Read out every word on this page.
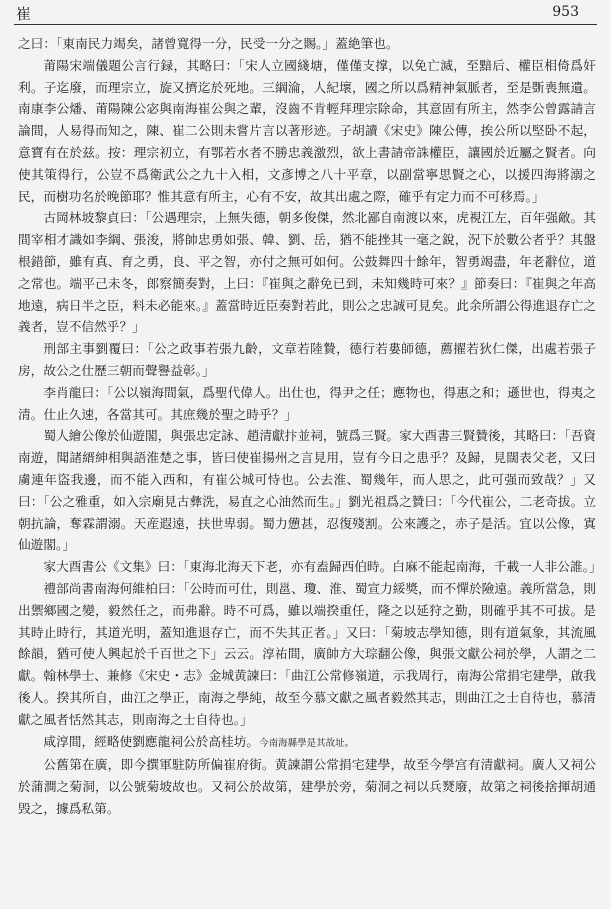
崔	953

之曰：「東南民力竭矣，諸曾寬得一分，民受一分之賜。」蓋絶筆也。

莆陽宋端儀題公言行録，其略曰：「宋人立國綫塘，僅僅支撑，以免亡滅，至黯后、權臣相倚爲奸利。子迄廢，而理宗立，旋又擠迄於死地。三綱淪，人紀壞，國之所以爲精神氣脈者，至是斲喪無遺。南康李公燔、莆陽陳公宓與南海崔公與之輩，沒齒不肯輕拜理宗除命，其意固有所主，然李公曾露請言論間，人易得而知之，陳、崔二公則未嘗片言以著形迹。子胡讀《宋史》陳公傳，挨公所以堅卧不起，意寶有在於兹。按：理宗初立，有鄂若水者不勝忠義激烈，欲上書請帝誅權臣，讓國於近屬之賢者。向使其策得行，公豈不爲衛武公之九十入相，文彥博之八十平章，以副當寧思賢之心，以援四海將溺之民，而樹功名於晚節耶？惟其意有所主，心有不安，故其出處之際，確乎有定力而不可移焉。」

古岡林坡黎貞曰：「公遇理宗，上無失德，朝多俊傑，然北鄙自南渡以來，虎視江左，百年强敵。其間宰相才識如李綱、張浚，將帥忠勇如張、韓、劉、岳，猶不能挫其一毫之銳，況下於數公者乎？其盤根錯節，雖有真、育之勇，良、平之智，亦付之無可如何。公鼓舞四十餘年，智勇竭盡，年老辭位，道之常也。端平己未冬，郎察簡奏對，上曰：『崔與之辭免已到，未知幾時可來？』節奏曰：『崔與之年高地遠，病日半之臣，料未必能來。』蓋當時近臣奏對若此，則公之忠誠可見矣。此余所謂公得進退存亡之義者，豈不信然乎？」

刑部主事劉覆曰：「公之政事若張九齡，文章若陸贄，德行若婁師德，薦擢若狄仁傑，出處若張子房，故公之仕歷三朝而聲譽益彰。」

李肖龍曰：「公以嶺海間氣，爲聖代偉人。出仕也，得尹之任；應物也，得惠之和；遜世也，得夷之清。仕止久速，各當其可。其庶幾於聖之時乎？」

蜀人繪公像於仙遊閣，與張忠定詠、趙清獻抃並祠，號爲三賢。家大酉書三賢贊後，其略曰：「吾資南遊，聞諸縉紳相與語淮楚之事，皆曰使崔揚州之言見用，豈有今日之患乎？及歸，見闊表父老，又曰虜連年盜我邊，而不能入西和，有崔公城可恃也。公去淮、蜀幾年，而人思之，此可强而致哉？」又曰：「公之雅重，如入宗廟見古彝洗，易直之心油然而生。」劉光祖爲之贊曰：「今代崔公，二老奇拔。立朝抗論，奪霖謂溺。天産遐遠，扶世卑弱。蜀力憊甚，忍復殘割。公來護之，赤子是活。宜以公像，寘仙遊閣。」

家大酉書公《文集》曰：「東海北海天下老，亦有盍歸西伯時。白麻不能起南海，千載一人非公誰。」

禮部尚書南海何維柏曰：「公時而可仕，則邕、瓊、淮、蜀宣力綏獎，而不憚於險遠。義所當急，則出禦鄉國之變，毅然任之，而弗辭。時不可爲，雖以端揆重任，隆之以延狩之勤，則確乎其不可拔。是其時止時行，其道光明，蓋知進退存亡，而不失其正者。」又曰：「菊坡志學知德，則有道氣象，其流風餘韻，猶可使人興起於千百世之下」云云。淳祐間，廣帥方大琮翻公像，與張文獻公祠於學，人謂之二獻。翰林學士、兼修《宋史・志》金城黄諫曰：「曲江公常修嶺道，示我周行，南海公常捐宅建學，啟我後人。揆其所自，曲江之學正，南海之學純，故至今慕文獻之風者毅然其志，則曲江之士自待也，慕清獻之風者恬然其志，則南海之士自待也。」

咸淳間，經略使劉應龍祠公於高桂坊。今南海縣學是其故址。

公舊第在廣，即今撰軍駐防所偏崔府街。黄諫謂公常捐宅建學，故至今學宫有清獻祠。廣人又祠公於蒲澗之菊洞，以公號菊坡故也。又祠公於故第，建學於旁，菊洞之祠以兵燹廢，故第之祠後捨揮胡通毁之，據爲私第。
